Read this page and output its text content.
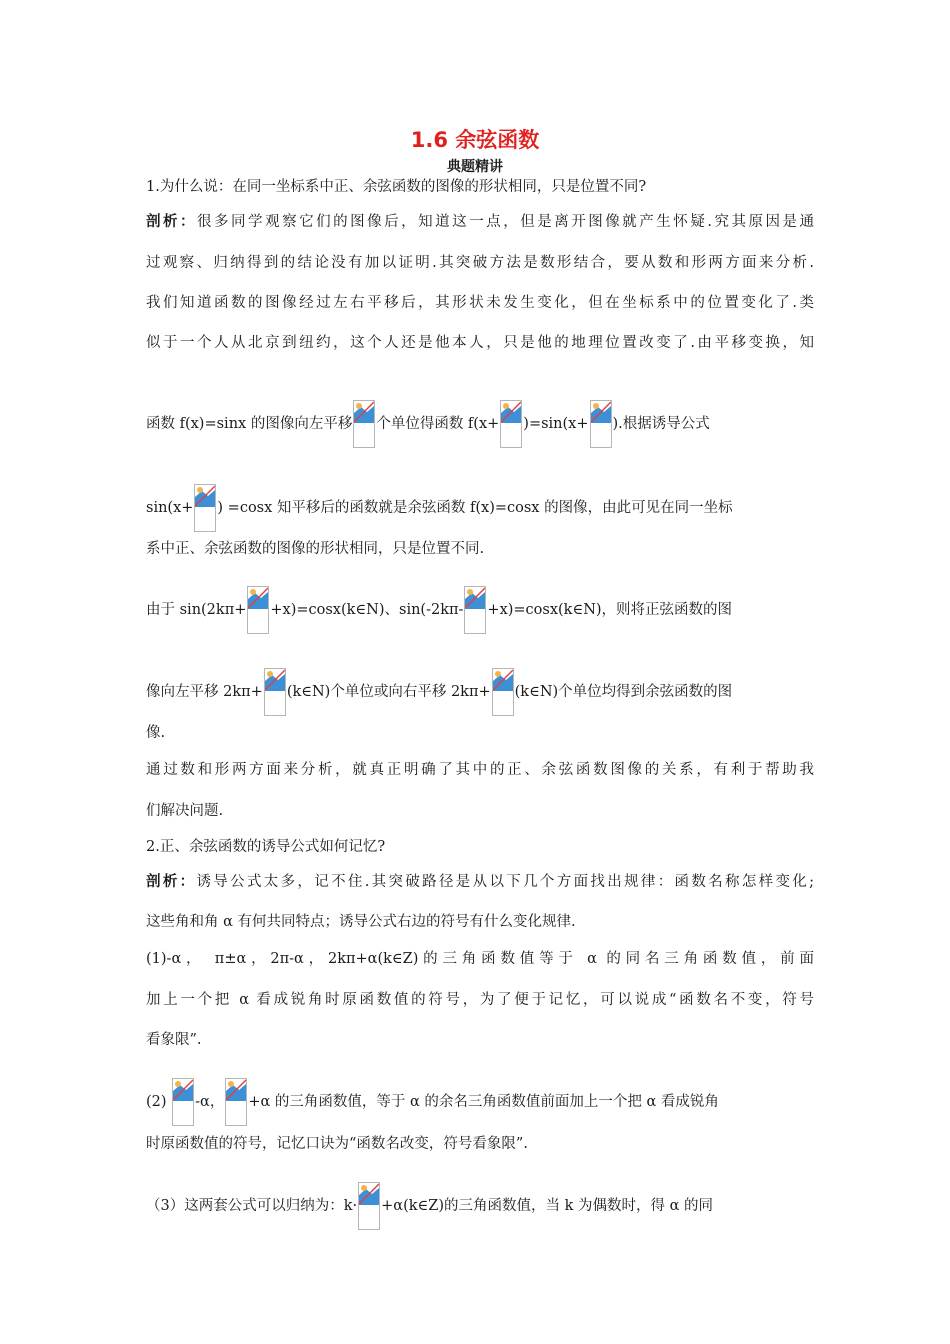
1.6 余弦函数
典题精讲
1.为什么说：在同一坐标系中正、余弦函数的图像的形状相同，只是位置不同?
剖析：很多同学观察它们的图像后，知道这一点，但是离开图像就产生怀疑.究其原因是通
过观察、归纳得到的结论没有加以证明.其突破方法是数形结合，要从数和形两方面来分析.
我们知道函数的图像经过左右平移后，其形状未发生变化，但在坐标系中的位置变化了.类
似于一个人从北京到纽约，这个人还是他本人，只是他的地理位置改变了.由平移变换，知
函数 f(x)=sinx 的图像向左平移 个单位得函数 f(x+ )=sin(x+ ).根据诱导公式
sin(x+ ) =cosx 知平移后的函数就是余弦函数 f(x)=cosx 的图像，由此可见在同一坐标
系中正、余弦函数的图像的形状相同，只是位置不同.
由于 sin(2kπ+ +x)=cosx(k∈N)、sin(-2kπ- +x)=cosx(k∈N)，则将正弦函数的图
像向左平移 2kπ+ (k∈N)个单位或向右平移 2kπ+ (k∈N)个单位均得到余弦函数的图
像.
通过数和形两方面来分析，就真正明确了其中的正、余弦函数图像的关系，有利于帮助我
们解决问题.
2.正、余弦函数的诱导公式如何记忆?
剖析：诱导公式太多，记不住.其突破路径是从以下几个方面找出规律：函数名称怎样变化;
这些角和角 α 有何共同特点；诱导公式右边的符号有什么变化规律.
(1)-α， π±α，2π-α，2kπ+α(k∈Z)的三角函数值等于 α 的同名三角函数值，前面
加上一个把 α 看成锐角时原函数值的符号，为了便于记忆，可以说成“函数名不变，符号
看象限”.
(2) -α， +α 的三角函数值，等于 α 的余名三角函数值前面加上一个把 α 看成锐角
时原函数值的符号，记忆口诀为“函数名改变，符号看象限”.
（3）这两套公式可以归纳为：k· +α(k∈Z)的三角函数值，当 k 为偶数时，得 α 的同
